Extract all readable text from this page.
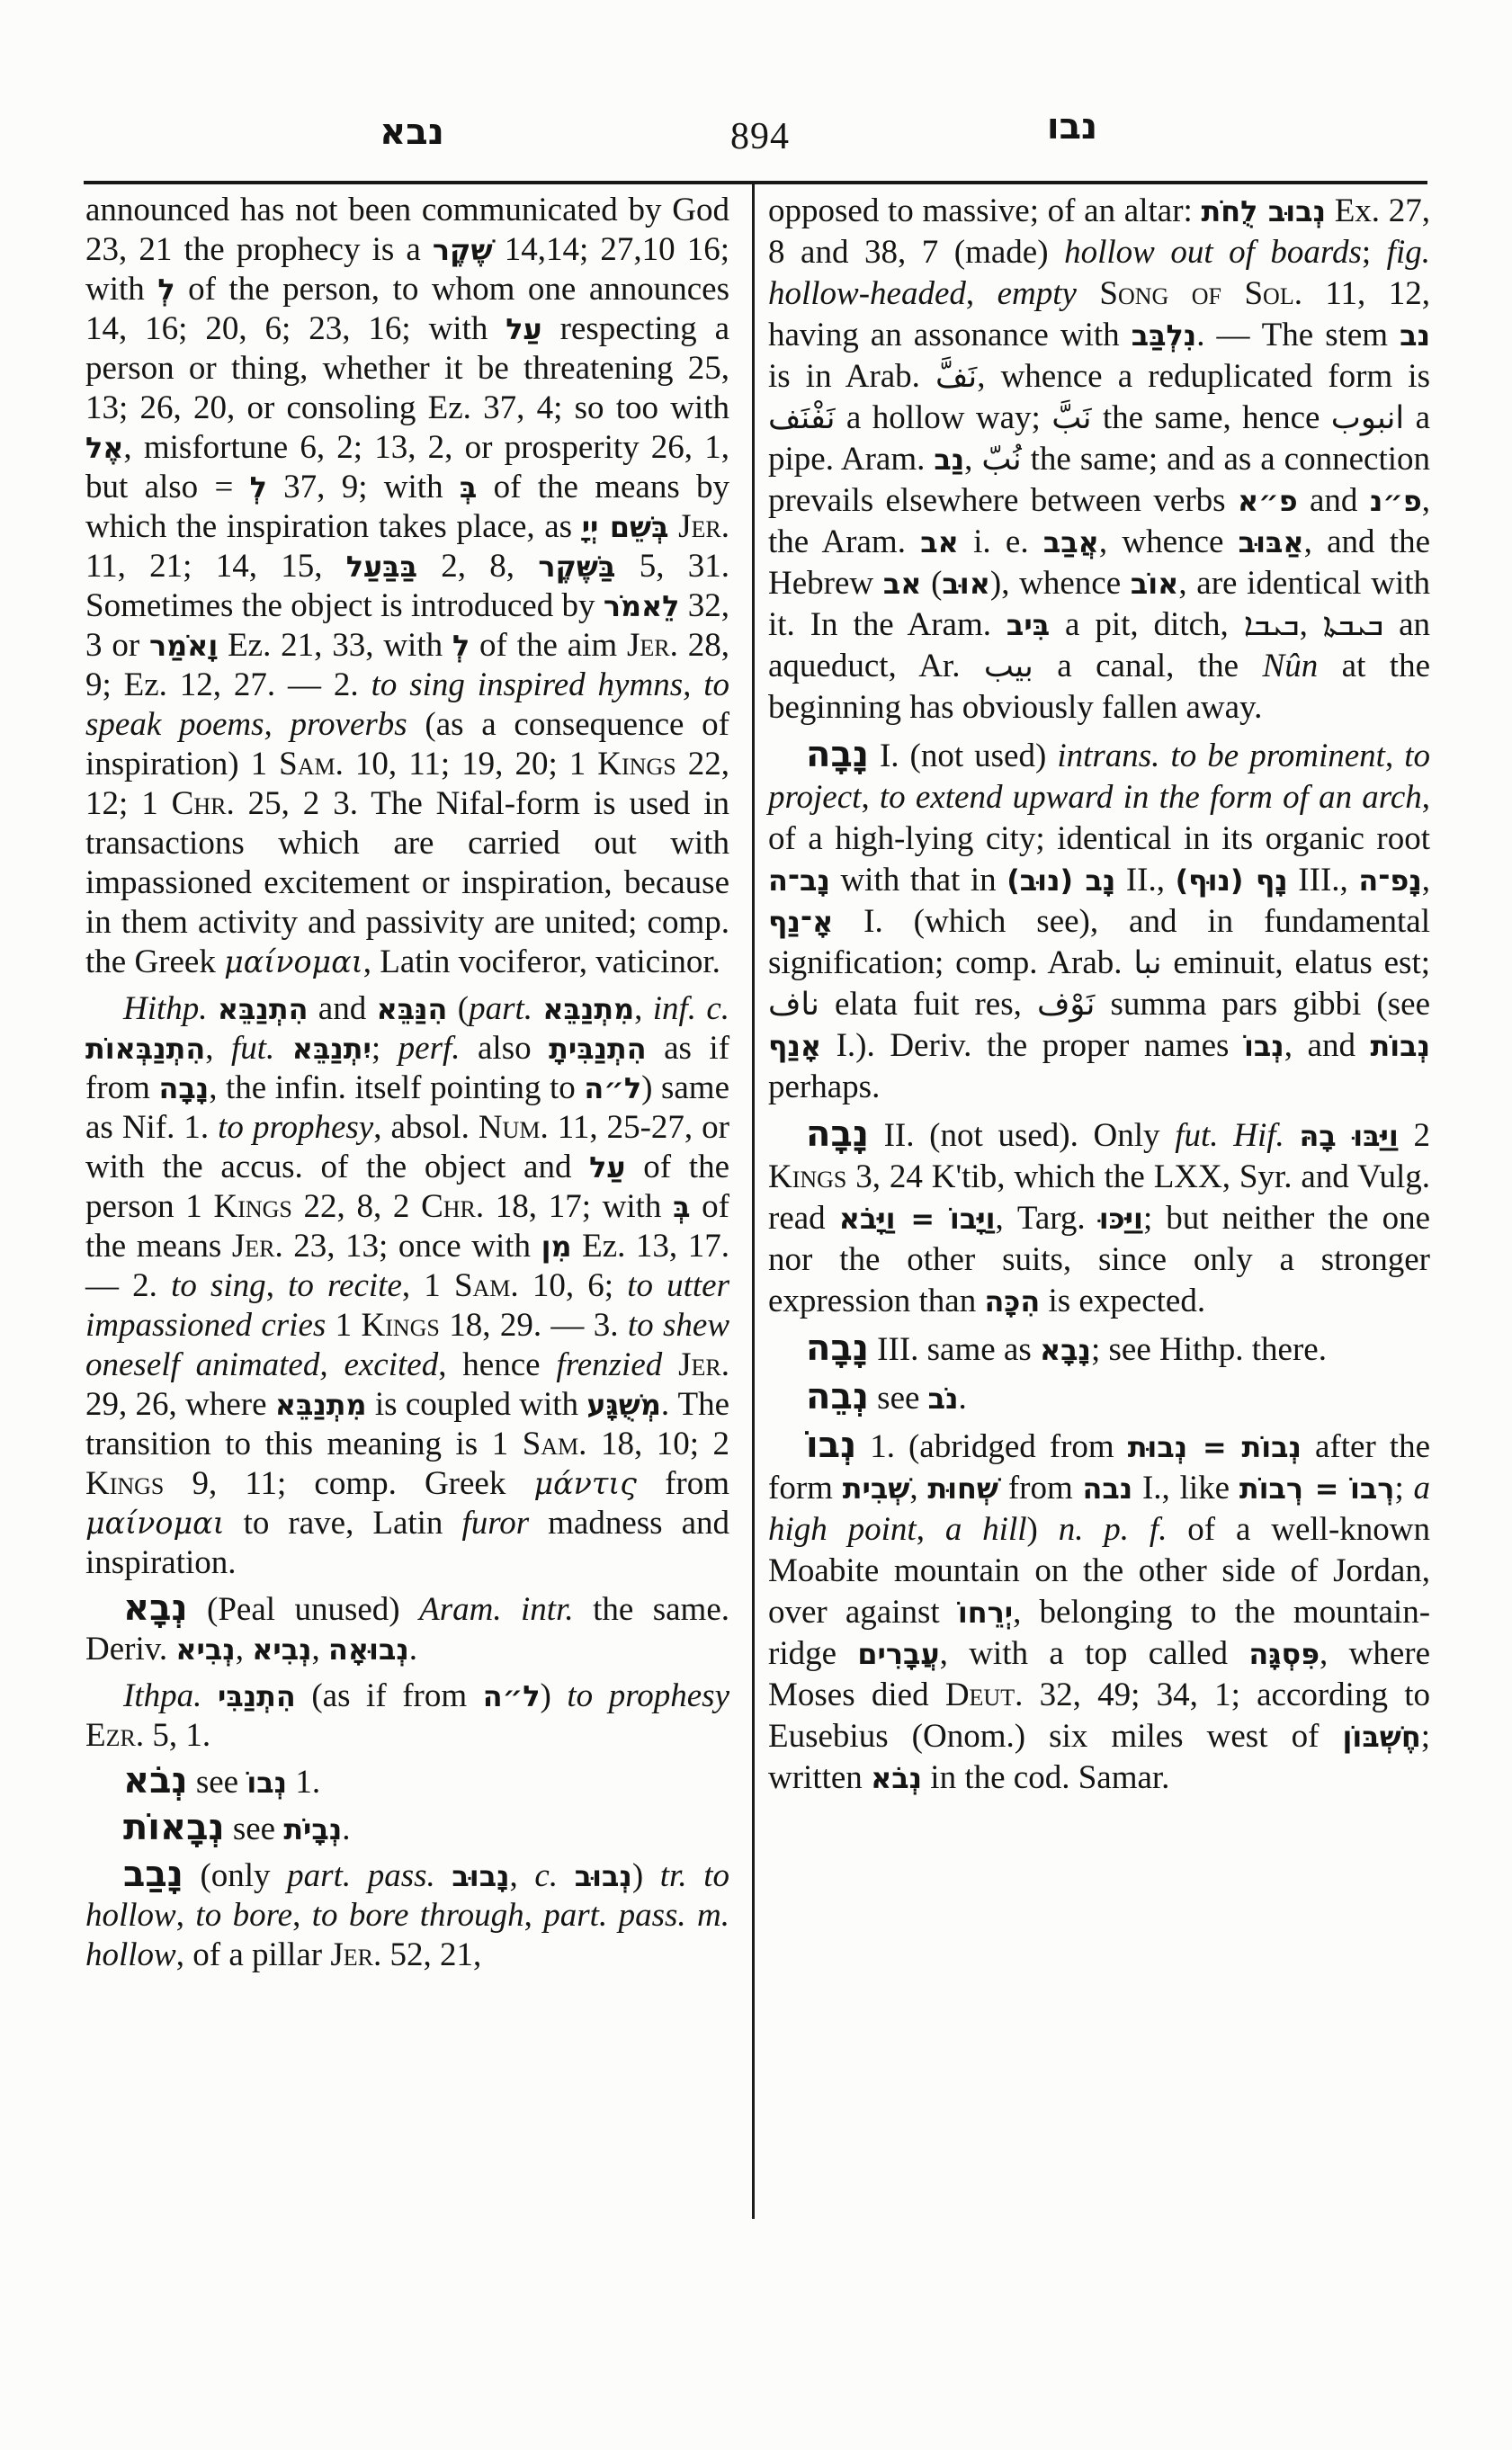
נבא	894	נבו

announced has not been communicated by God 23, 21 the prophecy is a שֶׁקֶר 14,14; 27,10 16; with לְ of the person, to whom one announces 14, 16; 20, 6; 23, 16; with עַל respecting a person or thing, whether it be threatening 25, 13; 26, 20, or consoling Ez. 37, 4; so too with אֶל, misfortune 6, 2; 13, 2, or prosperity 26, 1, but also = לְ 37, 9; with בְּ of the means by which the inspiration takes place, as בְּשֵׁם יְיָ Jer. 11, 21; 14, 15, בַּבַּעַל 2, 8, בַּשֶּׁקֶר 5, 31. Sometimes the object is introduced by לֵאמֹר 32, 3 or וָאֹמַר Ez. 21, 33, with לְ of the aim Jer. 28, 9; Ez. 12, 27. — 2. to sing inspired hymns, to speak poems, proverbs (as a consequence of inspiration) 1 Sam. 10, 11; 19, 20; 1 Kings 22, 12; 1 Chr. 25, 2 3. The Nifal-form is used in transactions which are carried out with impassioned excitement or inspiration, because in them activity and passivity are united; comp. the Greek μαίνομαι, Latin vociferor, vaticinor.

Hithp. הִתְנַבֵּא and הִנַּבֵּא (part. מִתְנַבֵּא, inf. c. הִתְנַבְּאוֹת, fut. יִתְנַבֵּא; perf. also הִתְנַבִּיתָ as if from נָבָה, the infin. itself pointing to ל״ה) same as Nif. 1. to prophesy, absol. Num. 11, 25-27, or with the accus. of the object and עַל of the person 1 Kings 22, 8, 2 Chr. 18, 17; with בְּ of the means Jer. 23, 13; once with מִן Ez. 13, 17. — 2. to sing, to recite, 1 Sam. 10, 6; to utter impassioned cries 1 Kings 18, 29. — 3. to shew oneself animated, excited, hence frenzied Jer. 29, 26, where מִתְנַבֵּא is coupled with מְשֻׁגָּע. The transition to this meaning is 1 Sam. 18, 10; 2 Kings 9, 11; comp. Greek μάντις from μαίνομαι to rave, Latin furor madness and inspiration.

נְבָא (Peal unused) Aram. intr. the same. Deriv. נְבִיא, נְבִיא, נְבוּאָה.

Ithpa. הִתְנַבִּי (as if from ל״ה) to prophesy Ezr. 5, 1.

נְבֹא see נְבוֹ 1.

נְבָאוֹת see נְבָיֹת.

נָבַב (only part. pass. נָבוּב, c. נְבוּב) tr. to hollow, to bore, to bore through, part. pass. m. hollow, of a pillar Jer. 52, 21,

opposed to massive; of an altar: נְבוּב לֻחֹת Ex. 27, 8 and 38, 7 (made) hollow out of boards; fig. hollow-headed, empty Song of Sol. 11, 12, having an assonance with נִלְבַּב. — The stem נב is in Arab. نَفَّ, whence a reduplicated form is نَفْنَف a hollow way; نَبَّ the same, hence انبوب a pipe. Aram. נַב, نُبّ the same; and as a connection prevails elsewhere between verbs פ״א and פ״נ, the Aram. אב i. e. אֲבַב, whence אַבּוּב, and the Hebrew אב (אוּב), whence אוֹב, are identical with it. In the Aram. בִּיב a pit, ditch, ܒܝܒܐ, ܒܝܒܬܐ an aqueduct, Ar. بيب a canal, the Nûn at the beginning has obviously fallen away.

נָבָה I. (not used) intrans. to be prominent, to project, to extend upward in the form of an arch, of a high-lying city; identical in its organic root נָב־ה with that in נָב (נוּב) II., נָף (נוּף) III., נָפ־ה, אָ־נַף I. (which see), and in fundamental signification; comp. Arab. نبا eminuit, elatus est; ناف elata fuit res, نَوْف summa pars gibbi (see אָנַף I.). Deriv. the proper names נְבוֹ, and נְבוֹת perhaps.

נָבָה II. (not used). Only fut. Hif. וַיַּבּוּ בָהּ 2 Kings 3, 24 K'tib, which the LXX, Syr. and Vulg. read וַיָּבוֹ = וַיָּבֹא, Targ. וַיַּכּוּ; but neither the one nor the other suits, since only a stronger expression than הִכָּה is expected.

נָבָה III. same as נָבָא; see Hithp. there.

נְבֵה see נֹב.

נְבוֹ 1. (abridged from נְבוֹת = נְבוּת after the form שְׁבִית, שְׁחוּת from נבה I., like רְבוֹ = רְבוֹת; a high point, a hill) n. p. f. of a well-known Moabite mountain on the other side of Jordan, over against יְרֵחוֹ, belonging to the mountain-ridge עֲבָרִים, with a top called פִּסְגָּה, where Moses died Deut. 32, 49; 34, 1; according to Eusebius (Onom.) six miles west of חֶשְׁבּוֹן; written נְבֹא in the cod. Samar.
